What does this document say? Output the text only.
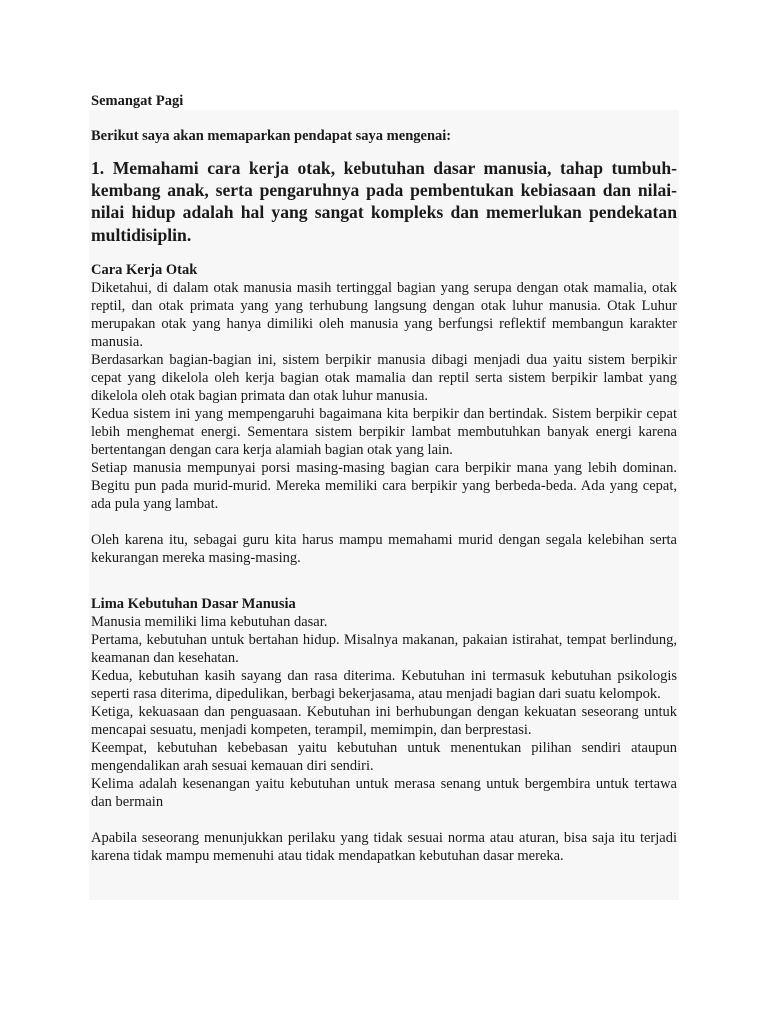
Semangat Pagi

Berikut saya akan memaparkan pendapat saya mengenai:

1. Memahami cara kerja otak, kebutuhan dasar manusia, tahap tumbuh-kembang anak, serta pengaruhnya pada pembentukan kebiasaan dan nilai-nilai hidup adalah hal yang sangat kompleks dan memerlukan pendekatan multidisiplin.

Cara Kerja Otak

Diketahui, di dalam otak manusia masih tertinggal bagian yang serupa dengan otak mamalia, otak reptil, dan otak primata yang yang terhubung langsung dengan otak luhur manusia. Otak Luhur merupakan otak yang hanya dimiliki oleh manusia yang berfungsi reflektif membangun karakter manusia.

Berdasarkan bagian-bagian ini, sistem berpikir manusia dibagi menjadi dua yaitu sistem berpikir cepat yang dikelola oleh kerja bagian otak mamalia dan reptil serta sistem berpikir lambat yang dikelola oleh otak bagian primata dan otak luhur manusia.

Kedua sistem ini yang mempengaruhi bagaimana kita berpikir dan bertindak. Sistem berpikir cepat lebih menghemat energi. Sementara sistem berpikir lambat membutuhkan banyak energi karena bertentangan dengan cara kerja alamiah bagian otak yang lain.

Setiap manusia mempunyai porsi masing-masing bagian cara berpikir mana yang lebih dominan. Begitu pun pada murid-murid. Mereka memiliki cara berpikir yang berbeda-beda. Ada yang cepat, ada pula yang lambat.

Oleh karena itu, sebagai guru kita harus mampu memahami murid dengan segala kelebihan serta kekurangan mereka masing-masing.

Lima Kebutuhan Dasar Manusia

Manusia memiliki lima kebutuhan dasar.

Pertama, kebutuhan untuk bertahan hidup. Misalnya makanan, pakaian istirahat, tempat berlindung, keamanan dan kesehatan.

Kedua, kebutuhan kasih sayang dan rasa diterima. Kebutuhan ini termasuk kebutuhan psikologis seperti rasa diterima, dipedulikan, berbagi bekerjasama, atau menjadi bagian dari suatu kelompok.

Ketiga, kekuasaan dan penguasaan. Kebutuhan ini berhubungan dengan kekuatan seseorang untuk mencapai sesuatu, menjadi kompeten, terampil, memimpin, dan berprestasi.

Keempat, kebutuhan kebebasan yaitu kebutuhan untuk menentukan pilihan sendiri ataupun mengendalikan arah sesuai kemauan diri sendiri.

Kelima adalah kesenangan yaitu kebutuhan untuk merasa senang untuk bergembira untuk tertawa dan bermain

Apabila seseorang menunjukkan perilaku yang tidak sesuai norma atau aturan, bisa saja itu terjadi karena tidak mampu memenuhi atau tidak mendapatkan kebutuhan dasar mereka.
